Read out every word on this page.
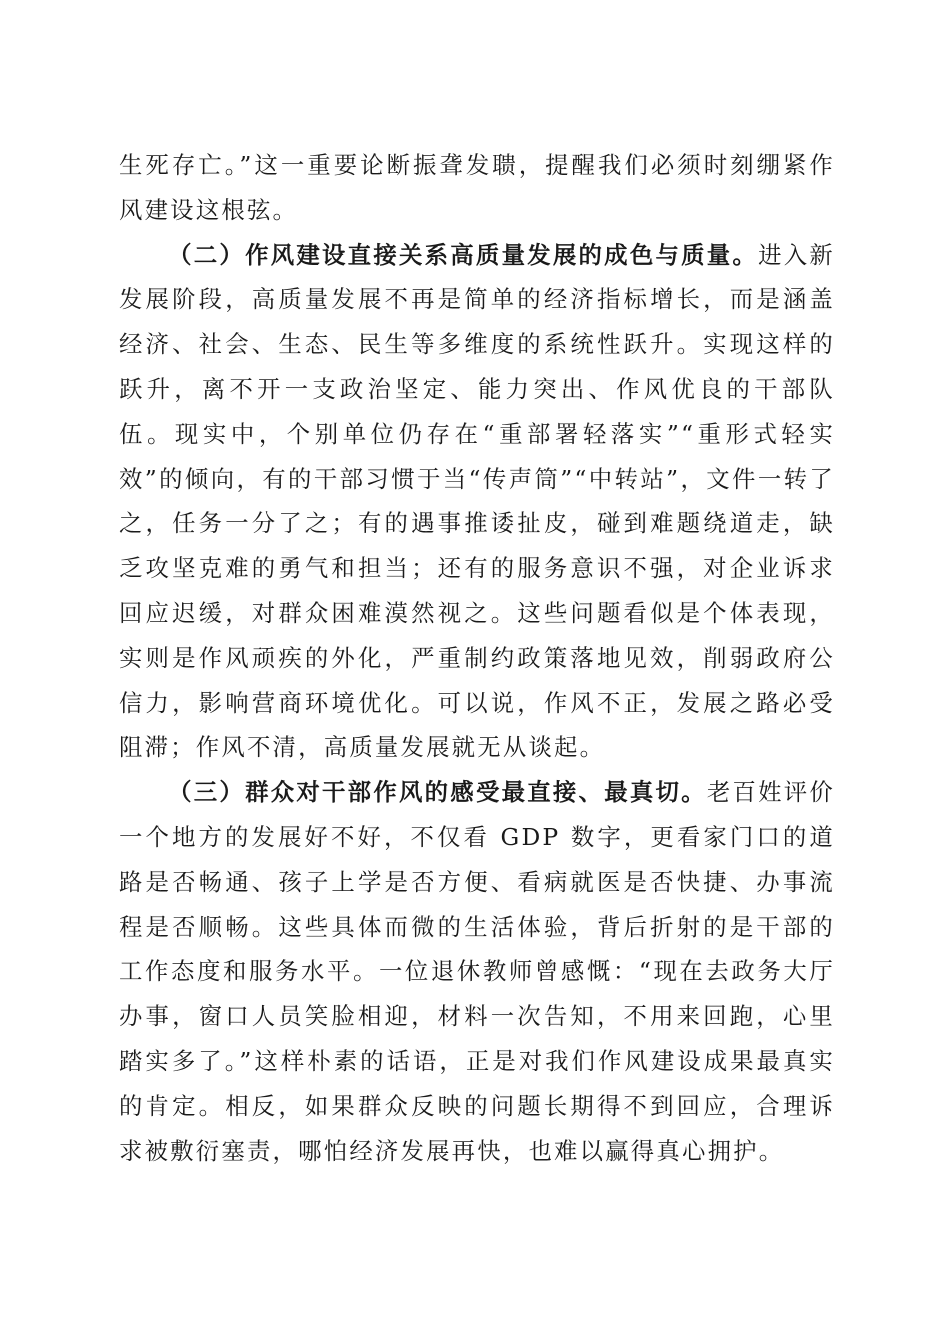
生死存亡。”这一重要论断振聋发聩，提醒我们必须时刻绷紧作风建设这根弦。

（二）作风建设直接关系高质量发展的成色与质量。进入新发展阶段，高质量发展不再是简单的经济指标增长，而是涵盖经济、社会、生态、民生等多维度的系统性跃升。实现这样的跃升，离不开一支政治坚定、能力突出、作风优良的干部队伍。现实中，个别单位仍存在“重部署轻落实”“重形式轻实效”的倾向，有的干部习惯于当“传声筒”“中转站”，文件一转了之，任务一分了之；有的遇事推诿扯皮，碰到难题绕道走，缺乏攻坚克难的勇气和担当；还有的服务意识不强，对企业诉求回应迟缓，对群众困难漠然视之。这些问题看似是个体表现，实则是作风顽疾的外化，严重制约政策落地见效，削弱政府公信力，影响营商环境优化。可以说，作风不正，发展之路必受阻滞；作风不清，高质量发展就无从谈起。

（三）群众对干部作风的感受最直接、最真切。老百姓评价一个地方的发展好不好，不仅看 GDP 数字，更看家门口的道路是否畅通、孩子上学是否方便、看病就医是否快捷、办事流程是否顺畅。这些具体而微的生活体验，背后折射的是干部的工作态度和服务水平。一位退休教师曾感慨：“现在去政务大厅办事，窗口人员笑脸相迎，材料一次告知，不用来回跑，心里踏实多了。”这样朴素的话语，正是对我们作风建设成果最真实的肯定。相反，如果群众反映的问题长期得不到回应，合理诉求被敷衍塞责，哪怕经济发展再快，也难以赢得真心拥护。
